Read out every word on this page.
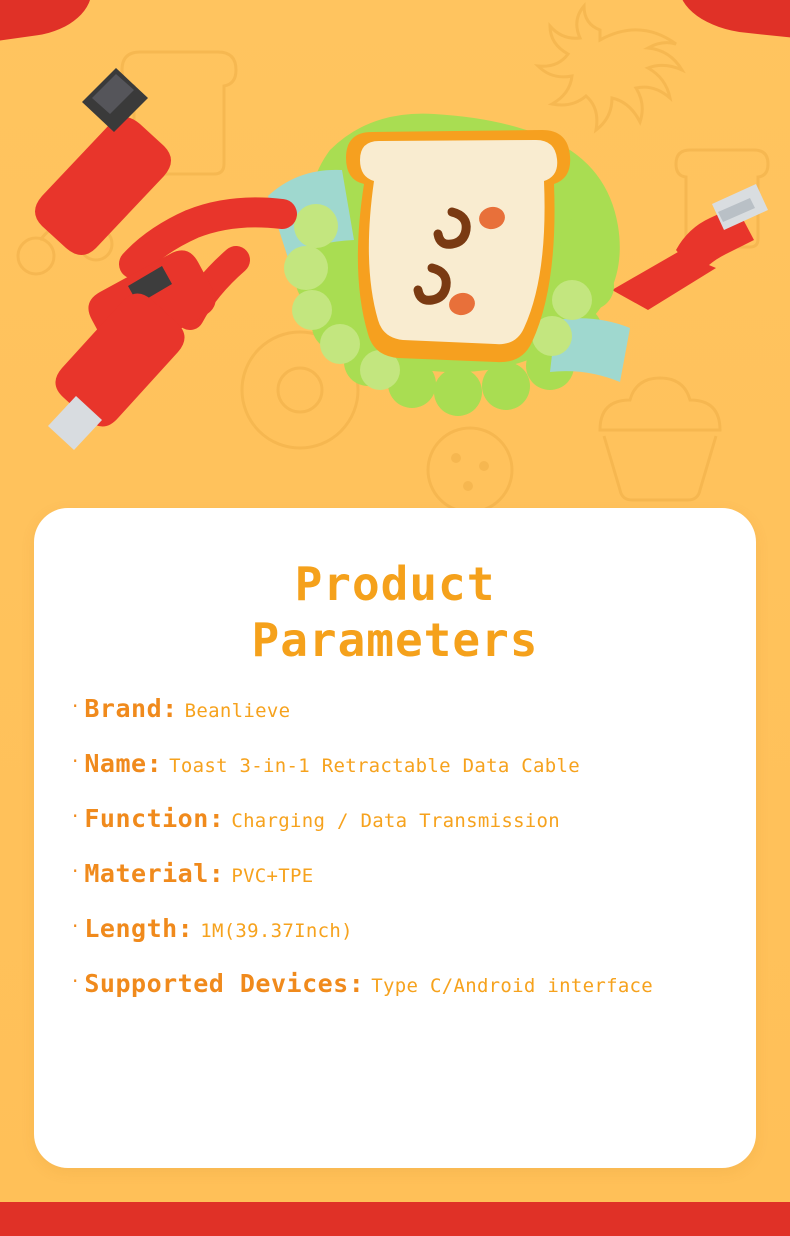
Product
Parameters
· Brand: Beanlieve
· Name: Toast 3-in-1 Retractable Data Cable
· Function: Charging / Data Transmission
· Material: PVC+TPE
· Length: 1M(39.37Inch)
· Supported Devices: Type C/Android interface
